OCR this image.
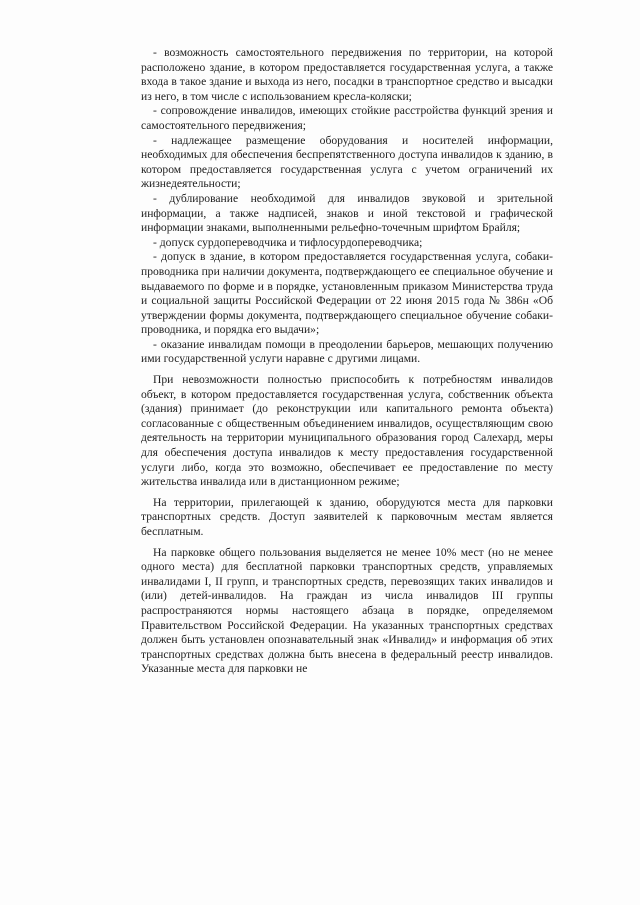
- возможность самостоятельного передвижения по территории, на которой расположено здание, в котором предоставляется государственная услуга, а также входа в такое здание и выхода из него, посадки в транспортное средство и высадки из него, в том числе с использованием кресла-коляски;

- сопровождение инвалидов, имеющих стойкие расстройства функций зрения и самостоятельного передвижения;

- надлежащее размещение оборудования и носителей информации, необходимых для обеспечения беспрепятственного доступа инвалидов к зданию, в котором предоставляется государственная услуга с учетом ограничений их жизнедеятельности;

- дублирование необходимой для инвалидов звуковой и зрительной информации, а также надписей, знаков и иной текстовой и графической информации знаками, выполненными рельефно-точечным шрифтом Брайля;

- допуск сурдопереводчика и тифлосурдопереводчика;

- допуск в здание, в котором предоставляется государственная услуга, собаки-проводника при наличии документа, подтверждающего ее специальное обучение и выдаваемого по форме и в порядке, установленным приказом Министерства труда и социальной защиты Российской Федерации от 22 июня 2015 года № 386н «Об утверждении формы документа, подтверждающего специальное обучение собаки-проводника, и порядка его выдачи»;

- оказание инвалидам помощи в преодолении барьеров, мешающих получению ими государственной услуги наравне с другими лицами.

При невозможности полностью приспособить к потребностям инвалидов объект, в котором предоставляется государственная услуга, собственник объекта (здания) принимает (до реконструкции или капитального ремонта объекта) согласованные с общественным объединением инвалидов, осуществляющим свою деятельность на территории муниципального образования город Салехард, меры для обеспечения доступа инвалидов к месту предоставления государственной услуги либо, когда это возможно, обеспечивает ее предоставление по месту жительства инвалида или в дистанционном режиме;

На территории, прилегающей к зданию, оборудуются места для парковки транспортных средств. Доступ заявителей к парковочным местам является бесплатным.

На парковке общего пользования выделяется не менее 10% мест (но не менее одного места) для бесплатной парковки транспортных средств, управляемых инвалидами I, II групп, и транспортных средств, перевозящих таких инвалидов и (или) детей-инвалидов. На граждан из числа инвалидов III группы распространяются нормы настоящего абзаца в порядке, определяемом Правительством Российской Федерации. На указанных транспортных средствах должен быть установлен опознавательный знак «Инвалид» и информация об этих транспортных средствах должна быть внесена в федеральный реестр инвалидов. Указанные места для парковки не
